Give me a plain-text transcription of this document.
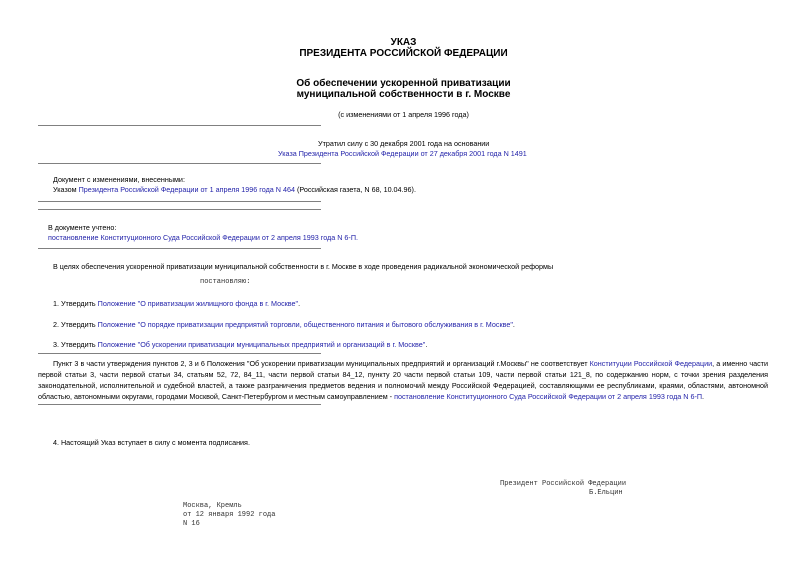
УКАЗ
ПРЕЗИДЕНТА РОССИЙСКОЙ ФЕДЕРАЦИИ
Об обеспечении ускоренной приватизации
муниципальной собственности в г. Москве
(с изменениями от 1 апреля 1996 года)
Утратил силу с 30 декабря 2001 года на основании
Указа Президента Российской Федерации от 27 декабря 2001 года N 1491
Документ с изменениями, внесенными:
Указом Президента Российской Федерации от 1 апреля 1996 года N 464 (Российская газета, N 68, 10.04.96).
В документе учтено:
постановление Конституционного Суда Российской Федерации от 2 апреля 1993 года N 6-П.
В целях обеспечения ускоренной приватизации муниципальной собственности в г. Москве в ходе проведения радикальной экономической реформы
постановляю:
1. Утвердить Положение "О приватизации жилищного фонда в г. Москве".
2. Утвердить Положение "О порядке приватизации предприятий торговли, общественного питания и бытового обслуживания в г. Москве".
3. Утвердить Положение "Об ускорении приватизации муниципальных предприятий и организаций в г. Москве".
Пункт 3 в части утверждения пунктов 2, 3 и 6 Положения "Об ускорении приватизации муниципальных предприятий и организаций г.Москвы" не соответствует Конституции Российской Федерации, а именно части первой статьи 3, части первой статьи 34, статьям 52, 72, 84_11, части первой статьи 84_12, пункту 20 части первой статьи 109, части первой статьи 121_8, по содержанию норм, с точки зрения разделения законодательной, исполнительной и судебной властей, а также разграничения предметов ведения и полномочий между Российской Федерацией, составляющими ее республиками, краями, областями, автономной областью, автономными округами, городами Москвой, Санкт-Петербургом и местным самоуправлением - постановление Конституционного Суда Российской Федерации от 2 апреля 1993 года N 6-П.
4. Настоящий Указ вступает в силу с момента подписания.
Президент Российской Федерации
Б.Ельцин
Москва, Кремль
от 12 января 1992 года
N 16
